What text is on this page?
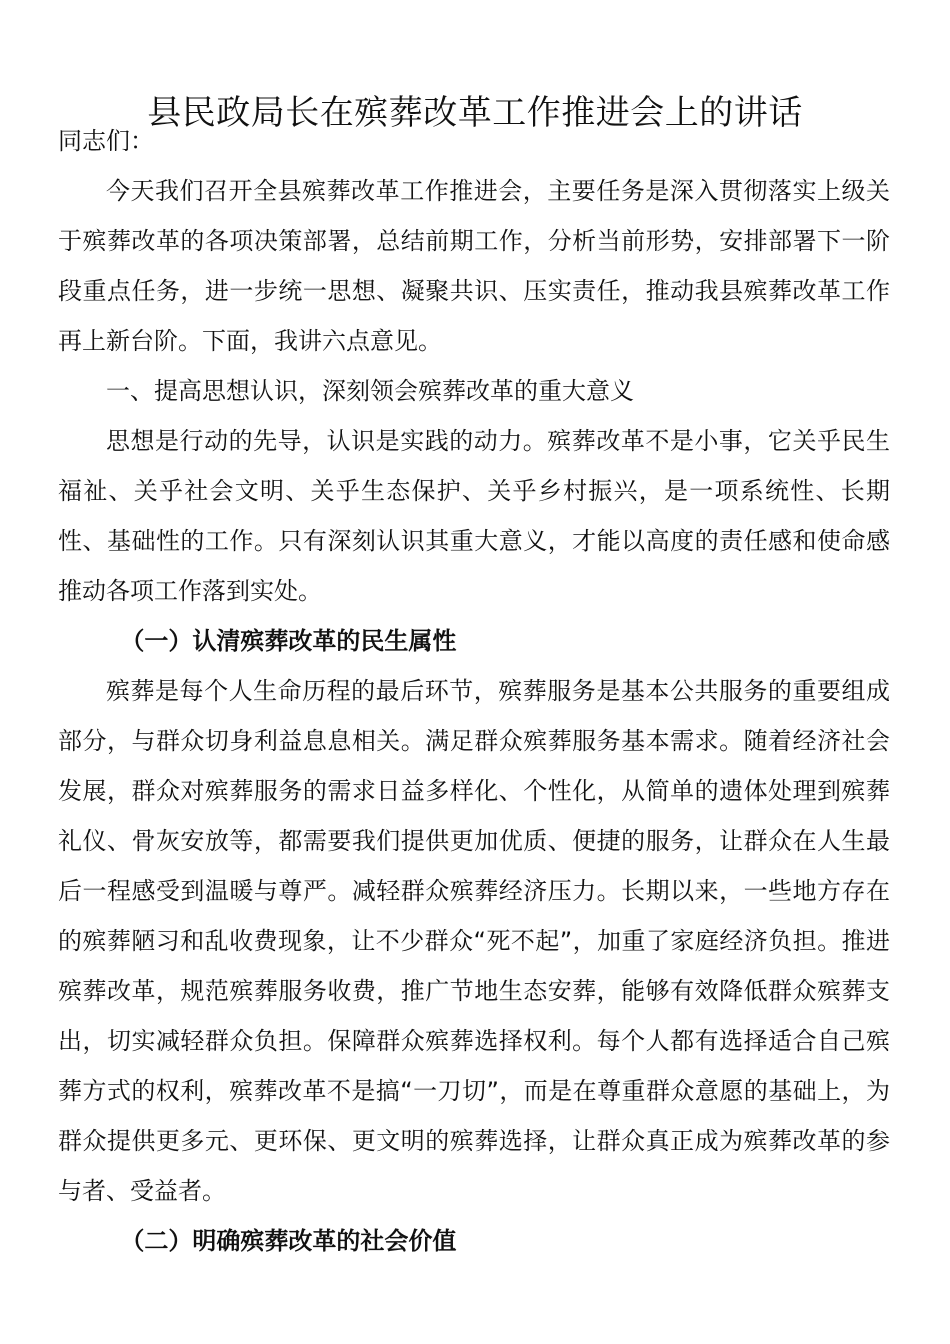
县民政局长在殡葬改革工作推进会上的讲话

同志们：

今天我们召开全县殡葬改革工作推进会，主要任务是深入贯彻落实上级关于殡葬改革的各项决策部署，总结前期工作，分析当前形势，安排部署下一阶段重点任务，进一步统一思想、凝聚共识、压实责任，推动我县殡葬改革工作再上新台阶。下面，我讲六点意见。

一、提高思想认识，深刻领会殡葬改革的重大意义

思想是行动的先导，认识是实践的动力。殡葬改革不是小事，它关乎民生福祉、关乎社会文明、关乎生态保护、关乎乡村振兴，是一项系统性、长期性、基础性的工作。只有深刻认识其重大意义，才能以高度的责任感和使命感推动各项工作落到实处。

（一）认清殡葬改革的民生属性

殡葬是每个人生命历程的最后环节，殡葬服务是基本公共服务的重要组成部分，与群众切身利益息息相关。满足群众殡葬服务基本需求。随着经济社会发展，群众对殡葬服务的需求日益多样化、个性化，从简单的遗体处理到殡葬礼仪、骨灰安放等，都需要我们提供更加优质、便捷的服务，让群众在人生最后一程感受到温暖与尊严。减轻群众殡葬经济压力。长期以来，一些地方存在的殡葬陋习和乱收费现象，让不少群众“死不起”，加重了家庭经济负担。推进殡葬改革，规范殡葬服务收费，推广节地生态安葬，能够有效降低群众殡葬支出，切实减轻群众负担。保障群众殡葬选择权利。每个人都有选择适合自己殡葬方式的权利，殡葬改革不是搞“一刀切”，而是在尊重群众意愿的基础上，为群众提供更多元、更环保、更文明的殡葬选择，让群众真正成为殡葬改革的参与者、受益者。

（二）明确殡葬改革的社会价值
